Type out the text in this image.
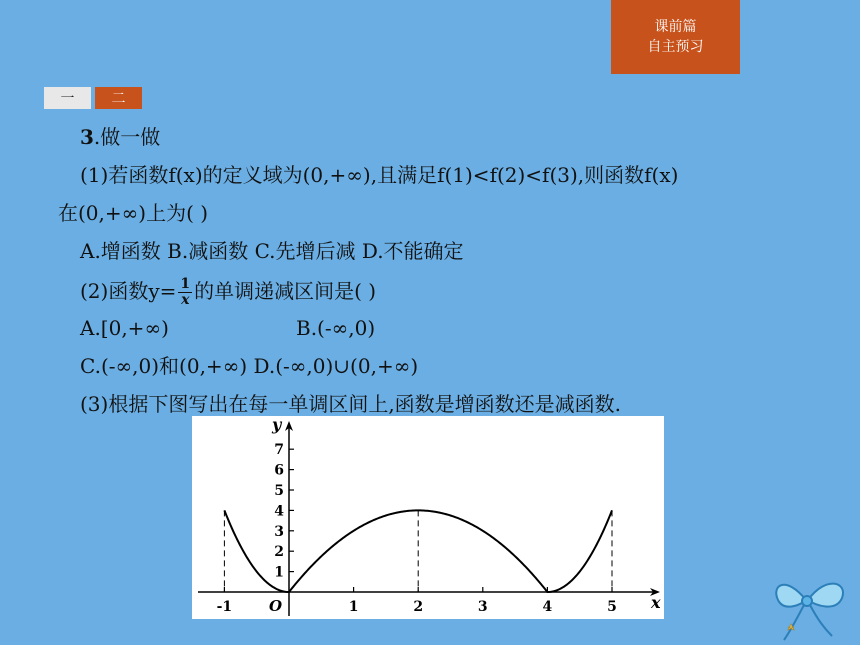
课前篇
自主预习
一	二
3.做一做
(1)若函数f(x)的定义域为(0,+∞),且满足f(1)<f(2)<f(3),则函数f(x)
在(0,+∞)上为( )
A.增函数 B.减函数 C.先增后减 D.不能确定
(2)函数$y= \frac{1}{x}$ 的单调递减区间是( )
A.[0,+∞)	B.(-∞,0)
C.(-∞,0)和(0,+∞) D.(-∞,0)∪(0,+∞)
(3)根据下图写出在每一单调区间上,函数是增函数还是减函数.
y
x
O
1
2
3
4
5
6
7
-1	1	2	3	4	5
